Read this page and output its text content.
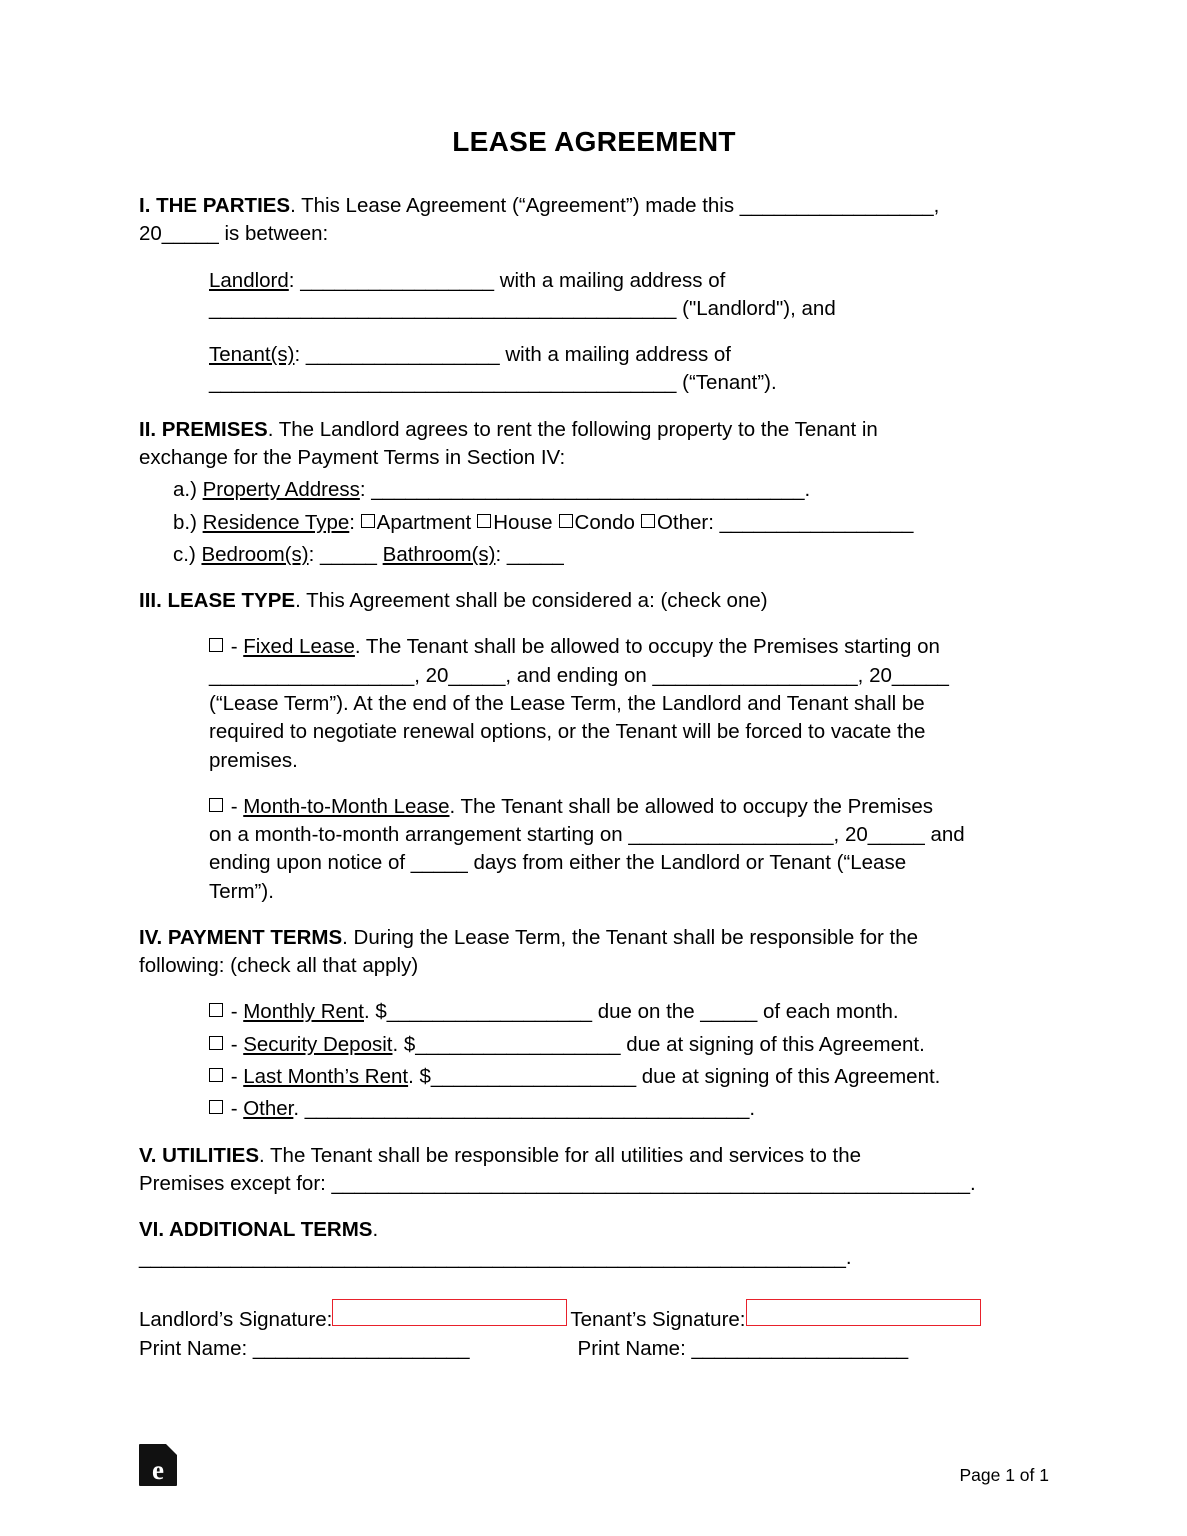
LEASE AGREEMENT
I. THE PARTIES. This Lease Agreement (“Agreement”) made this _________________,
20_____ is between:
Landlord: _________________ with a mailing address of
_________________________________________ ("Landlord"), and
Tenant(s): _________________ with a mailing address of
_________________________________________ (“Tenant”).
II. PREMISES. The Landlord agrees to rent the following property to the Tenant in
exchange for the Payment Terms in Section IV:
a.) Property Address: ______________________________________.
b.) Residence Type: Apartment House Condo Other: _________________
c.) Bedroom(s): _____ Bathroom(s): _____
III. LEASE TYPE. This Agreement shall be considered a: (check one)
- Fixed Lease. The Tenant shall be allowed to occupy the Premises starting on
__________________, 20_____, and ending on __________________, 20_____
(“Lease Term”). At the end of the Lease Term, the Landlord and Tenant shall be
required to negotiate renewal options, or the Tenant will be forced to vacate the
premises.
- Month-to-Month Lease. The Tenant shall be allowed to occupy the Premises
on a month-to-month arrangement starting on __________________, 20_____ and
ending upon notice of _____ days from either the Landlord or Tenant (“Lease
Term”).
IV. PAYMENT TERMS. During the Lease Term, the Tenant shall be responsible for the
following: (check all that apply)
- Monthly Rent. $__________________ due on the _____ of each month.
- Security Deposit. $__________________ due at signing of this Agreement.
- Last Month’s Rent. $__________________ due at signing of this Agreement.
- Other. _______________________________________.
V. UTILITIES. The Tenant shall be responsible for all utilities and services to the
Premises except for: ________________________________________________________.
VI. ADDITIONAL TERMS. ______________________________________________________________.
Landlord’s Signature:	Tenant’s Signature:
Print Name: ___________________	Print Name: ___________________
e	Page 1 of 1
